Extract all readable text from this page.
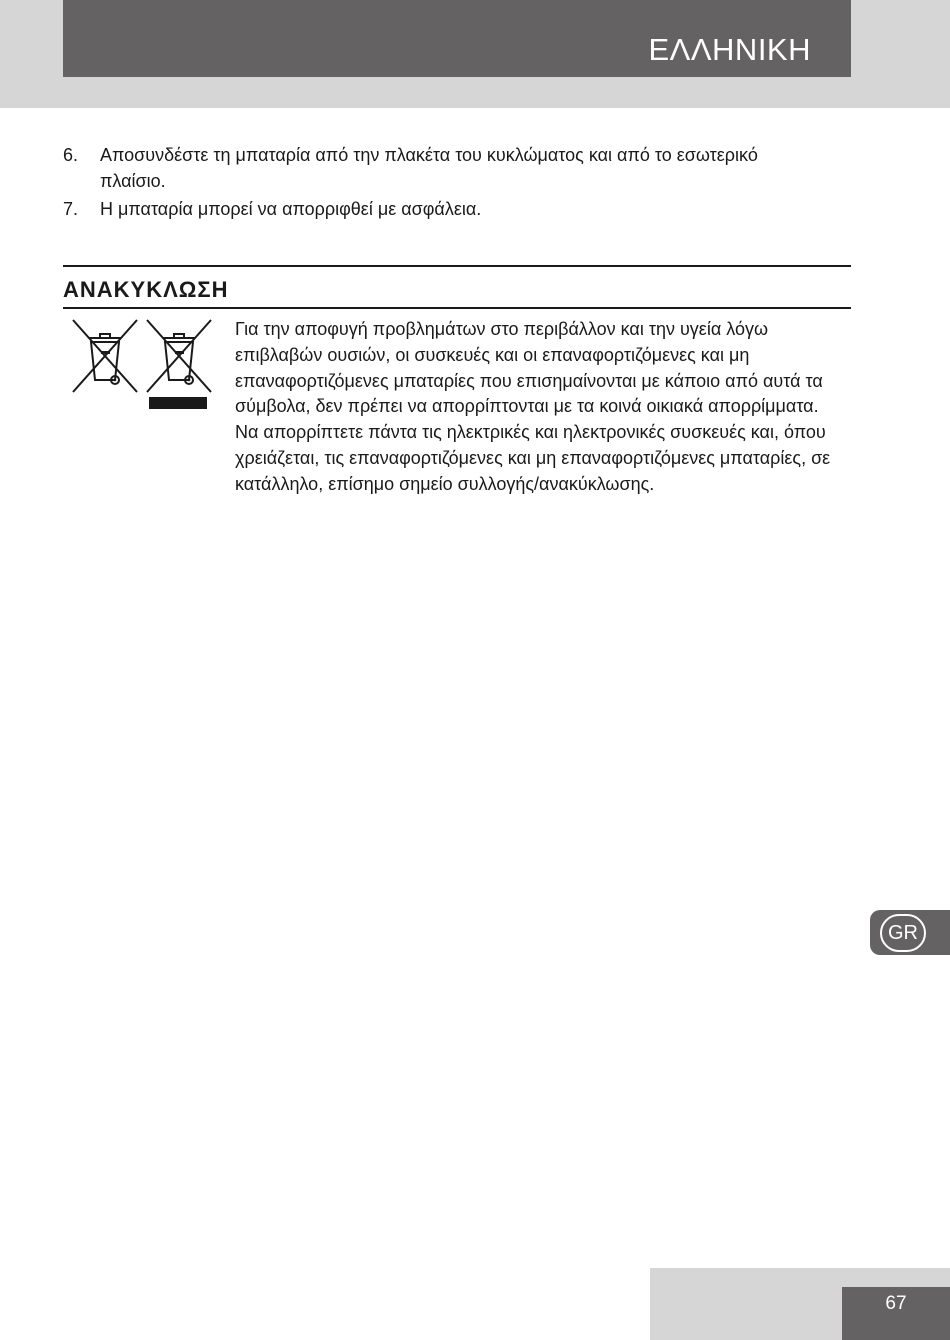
ΕΛΛΗΝΙΚΗ
6. Αποσυνδέστε τη μπαταρία από την πλακέτα του κυκλώματος και από το εσωτερικό πλαίσιο.
7. Η μπαταρία μπορεί να απορριφθεί με ασφάλεια.
ΑΝΑΚΥΚΛΩΣΗ

Για την αποφυγή προβλημάτων στο περιβάλλον και την υγεία λόγω επιβλαβών ουσιών, οι συσκευές και οι επαναφορτιζόμενες και μη επαναφορτιζόμενες μπαταρίες που επισημαίνονται με κάποιο από αυτά τα σύμβολα, δεν πρέπει να απορρίπτονται με τα κοινά οικιακά απορρίμματα. Να απορρίπτετε πάντα τις ηλεκτρικές και ηλεκτρονικές συσκευές και, όπου χρειάζεται, τις επαναφορτιζόμενες και μη επαναφορτιζόμενες μπαταρίες, σε κατάλληλο, επίσημο σημείο συλλογής/ανακύκλωσης.

GR
67
